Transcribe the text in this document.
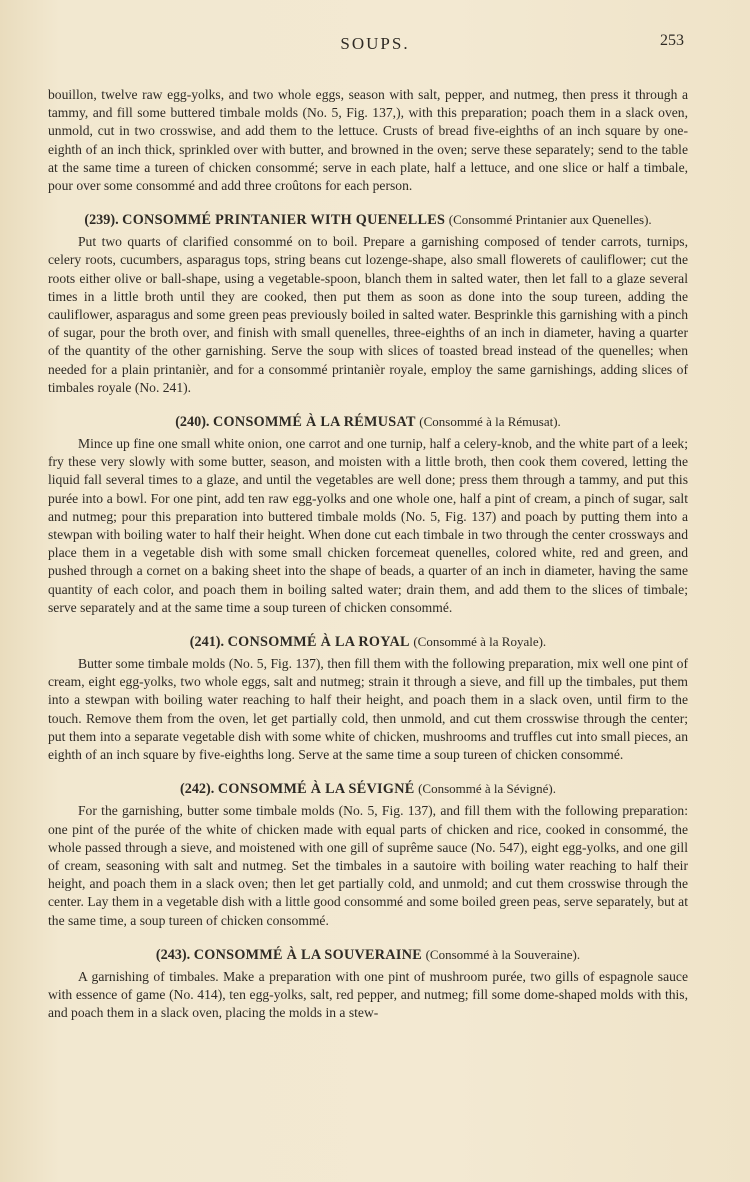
SOUPS.	253

bouillon, twelve raw egg-yolks, and two whole eggs, season with salt, pepper, and nutmeg, then press it through a tammy, and fill some buttered timbale molds (No. 5, Fig. 137,), with this preparation; poach them in a slack oven, unmold, cut in two crosswise, and add them to the lettuce. Crusts of bread five-eighths of an inch square by one-eighth of an inch thick, sprinkled over with butter, and browned in the oven; serve these separately; send to the table at the same time a tureen of chicken consommé; serve in each plate, half a lettuce, and one slice or half a timbale, pour over some consommé and add three croûtons for each person.

(239). CONSOMMÉ PRINTANIER WITH QUENELLES (Consommé Printanier aux Quenelles).

Put two quarts of clarified consommé on to boil. Prepare a garnishing composed of tender carrots, turnips, celery roots, cucumbers, asparagus tops, string beans cut lozenge-shape, also small flowerets of cauliflower; cut the roots either olive or ball-shape, using a vegetable-spoon, blanch them in salted water, then let fall to a glaze several times in a little broth until they are cooked, then put them as soon as done into the soup tureen, adding the cauliflower, asparagus and some green peas previously boiled in salted water. Besprinkle this garnishing with a pinch of sugar, pour the broth over, and finish with small quenelles, three-eighths of an inch in diameter, having a quarter of the quantity of the other garnishing. Serve the soup with slices of toasted bread instead of the quenelles; when needed for a plain printanièr, and for a consommé printanièr royale, employ the same garnishings, adding slices of timbales royale (No. 241).

(240). CONSOMMÉ À LA RÉMUSAT (Consommé à la Rémusat).

Mince up fine one small white onion, one carrot and one turnip, half a celery-knob, and the white part of a leek; fry these very slowly with some butter, season, and moisten with a little broth, then cook them covered, letting the liquid fall several times to a glaze, and until the vegetables are well done; press them through a tammy, and put this purée into a bowl. For one pint, add ten raw egg-yolks and one whole one, half a pint of cream, a pinch of sugar, salt and nutmeg; pour this preparation into buttered timbale molds (No. 5, Fig. 137) and poach by putting them into a stewpan with boiling water to half their height. When done cut each timbale in two through the center crossways and place them in a vegetable dish with some small chicken forcemeat quenelles, colored white, red and green, and pushed through a cornet on a baking sheet into the shape of beads, a quarter of an inch in diameter, having the same quantity of each color, and poach them in boiling salted water; drain them, and add them to the slices of timbale; serve separately and at the same time a soup tureen of chicken consommé.

(241). CONSOMMÉ À LA ROYAL (Consommé à la Royale).

Butter some timbale molds (No. 5, Fig. 137), then fill them with the following preparation, mix well one pint of cream, eight egg-yolks, two whole eggs, salt and nutmeg; strain it through a sieve, and fill up the timbales, put them into a stewpan with boiling water reaching to half their height, and poach them in a slack oven, until firm to the touch. Remove them from the oven, let get partially cold, then unmold, and cut them crosswise through the center; put them into a separate vegetable dish with some white of chicken, mushrooms and truffles cut into small pieces, an eighth of an inch square by five-eighths long. Serve at the same time a soup tureen of chicken consommé.

(242). CONSOMMÉ À LA SÉVIGNÉ (Consommé à la Sévigné).

For the garnishing, butter some timbale molds (No. 5, Fig. 137), and fill them with the following preparation: one pint of the purée of the white of chicken made with equal parts of chicken and rice, cooked in consommé, the whole passed through a sieve, and moistened with one gill of suprême sauce (No. 547), eight egg-yolks, and one gill of cream, seasoning with salt and nutmeg. Set the timbales in a sautoire with boiling water reaching to half their height, and poach them in a slack oven; then let get partially cold, and unmold; and cut them crosswise through the center. Lay them in a vegetable dish with a little good consommé and some boiled green peas, serve separately, but at the same time, a soup tureen of chicken consommé.

(243). CONSOMMÉ À LA SOUVERAINE (Consommé à la Souveraine).

A garnishing of timbales. Make a preparation with one pint of mushroom purée, two gills of espagnole sauce with essence of game (No. 414), ten egg-yolks, salt, red pepper, and nutmeg; fill some dome-shaped molds with this, and poach them in a slack oven, placing the molds in a stew-
